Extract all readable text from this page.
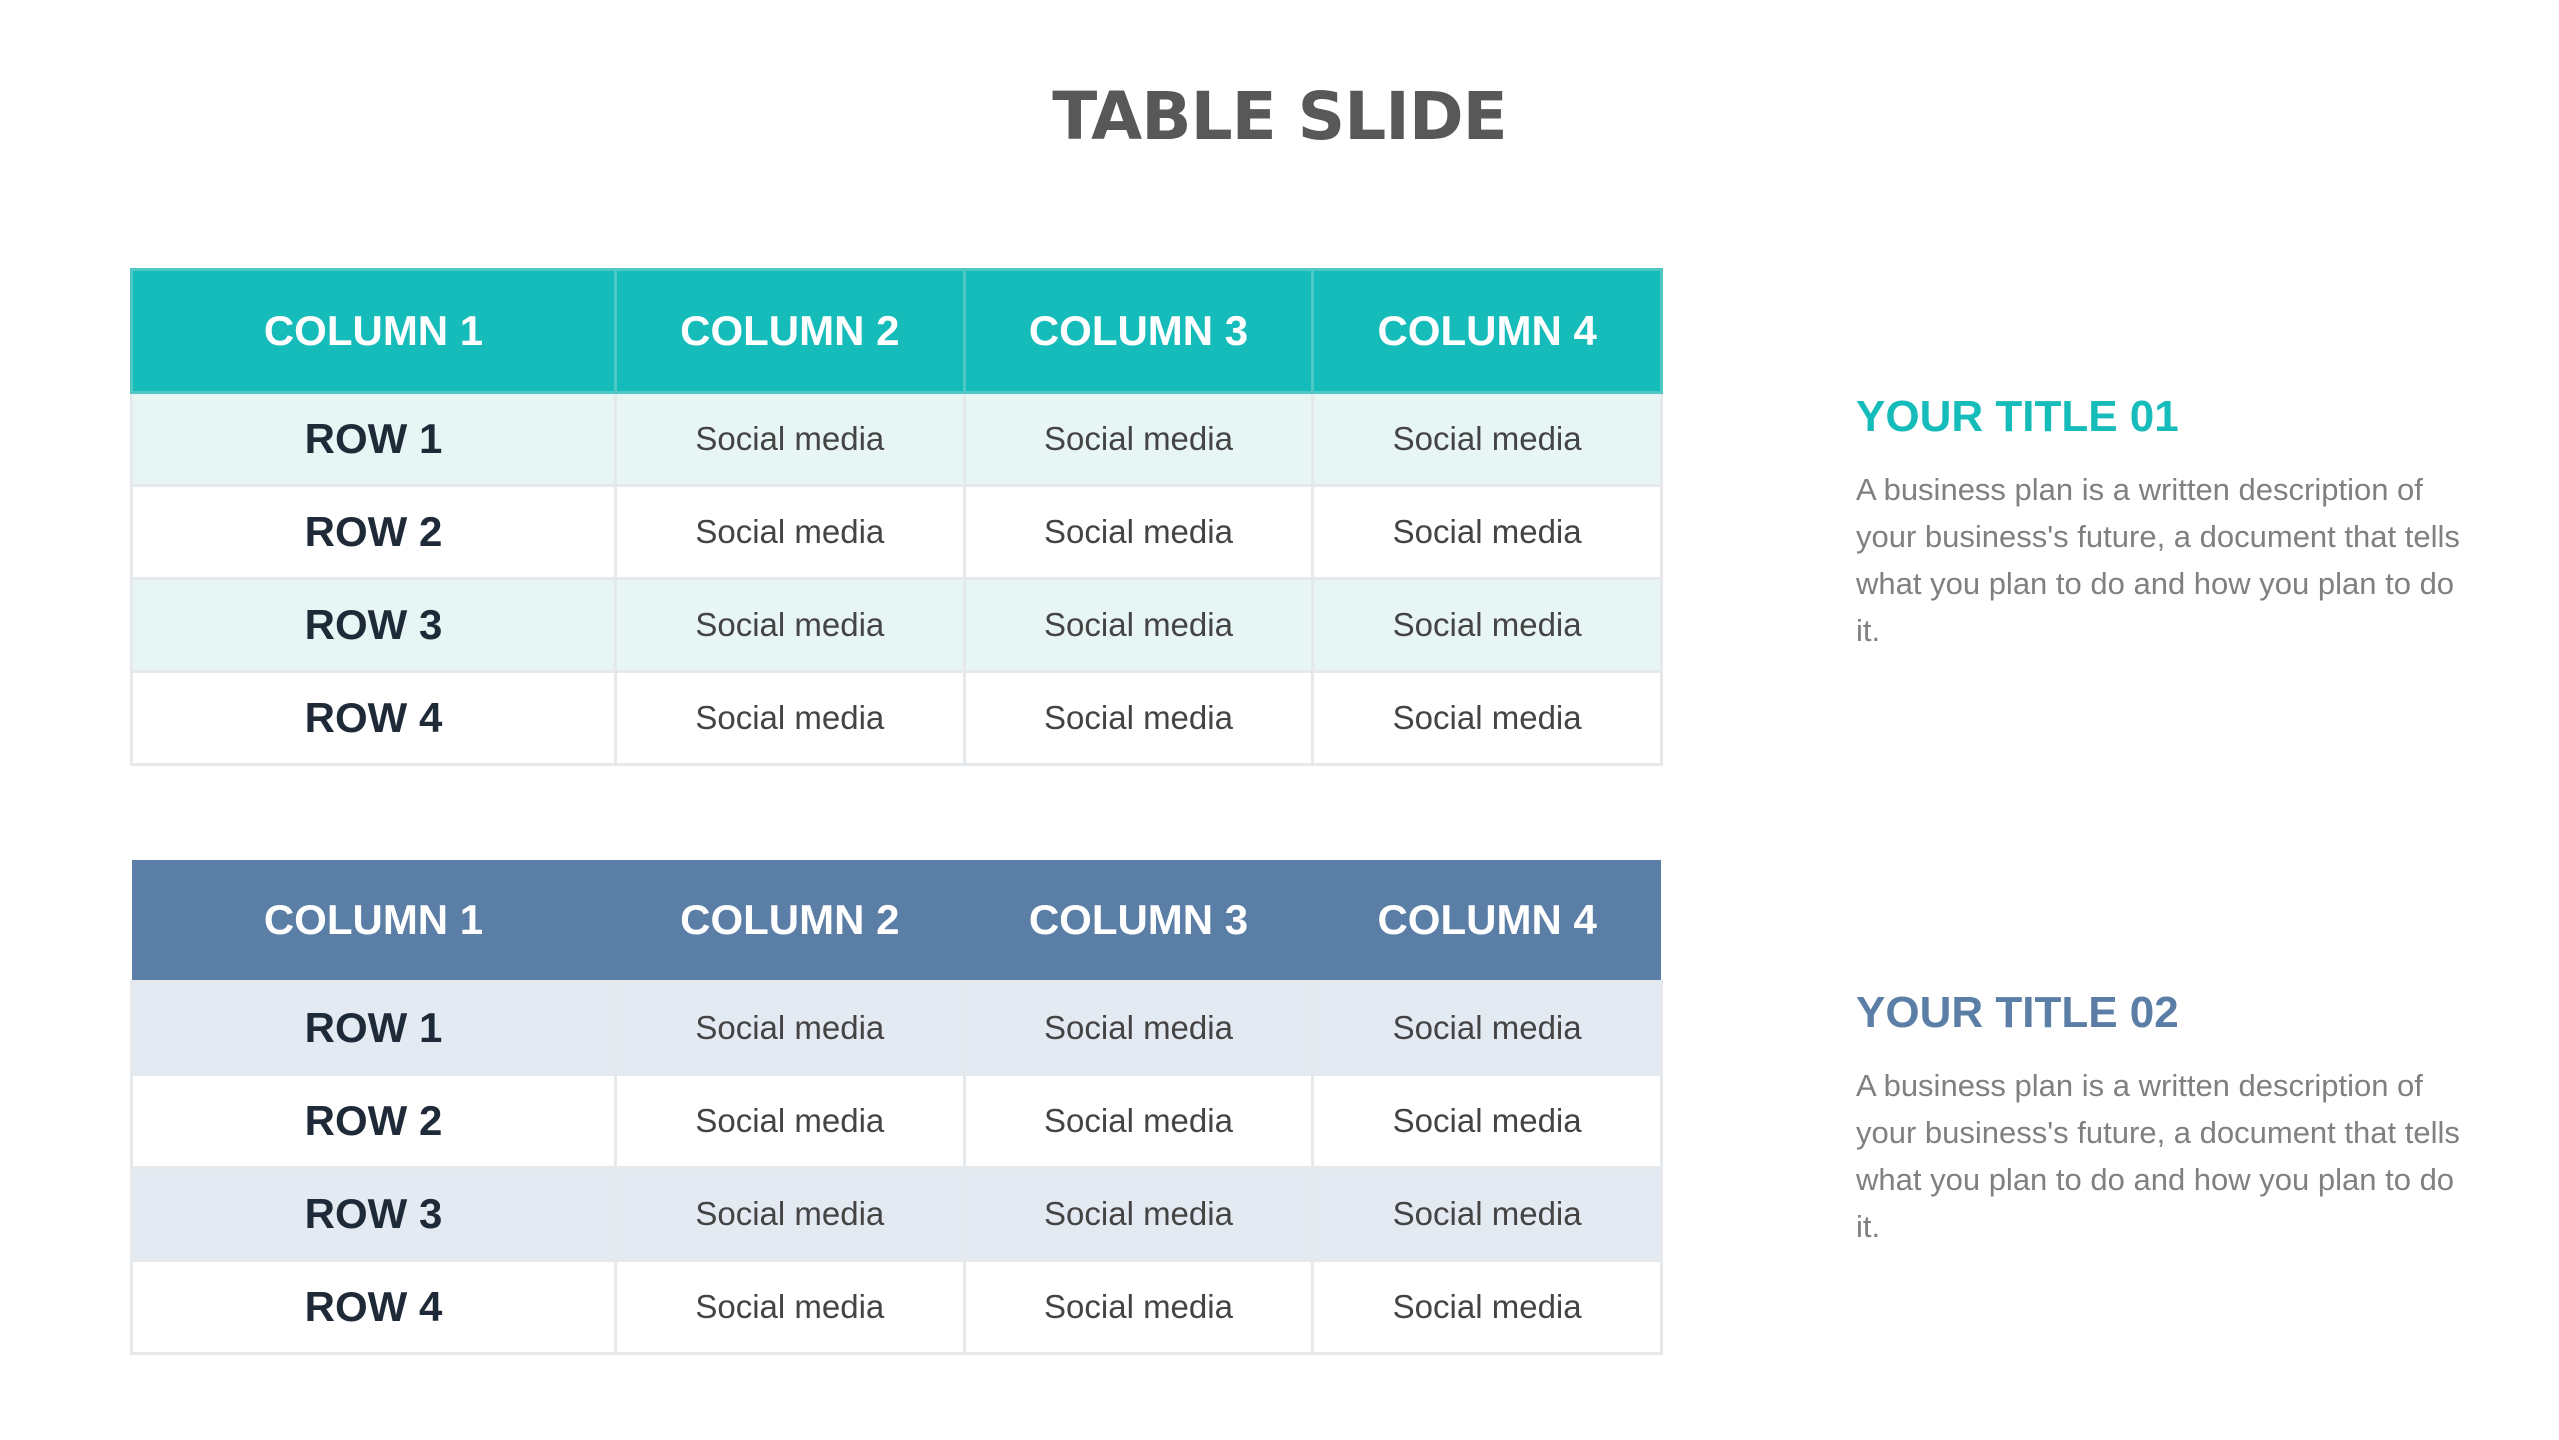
TABLE SLIDE
COLUMN 1	COLUMN 2	COLUMN 3	COLUMN 4
ROW 1	Social media	Social media	Social media
ROW 2	Social media	Social media	Social media
ROW 3	Social media	Social media	Social media
ROW 4	Social media	Social media	Social media
COLUMN 1	COLUMN 2	COLUMN 3	COLUMN 4
ROW 1	Social media	Social media	Social media
ROW 2	Social media	Social media	Social media
ROW 3	Social media	Social media	Social media
ROW 4	Social media	Social media	Social media
YOUR TITLE 01

A business plan is a written description of your business's future, a document that tells what you plan to do and how you plan to do it.

YOUR TITLE 02

A business plan is a written description of your business's future, a document that tells what you plan to do and how you plan to do it.
